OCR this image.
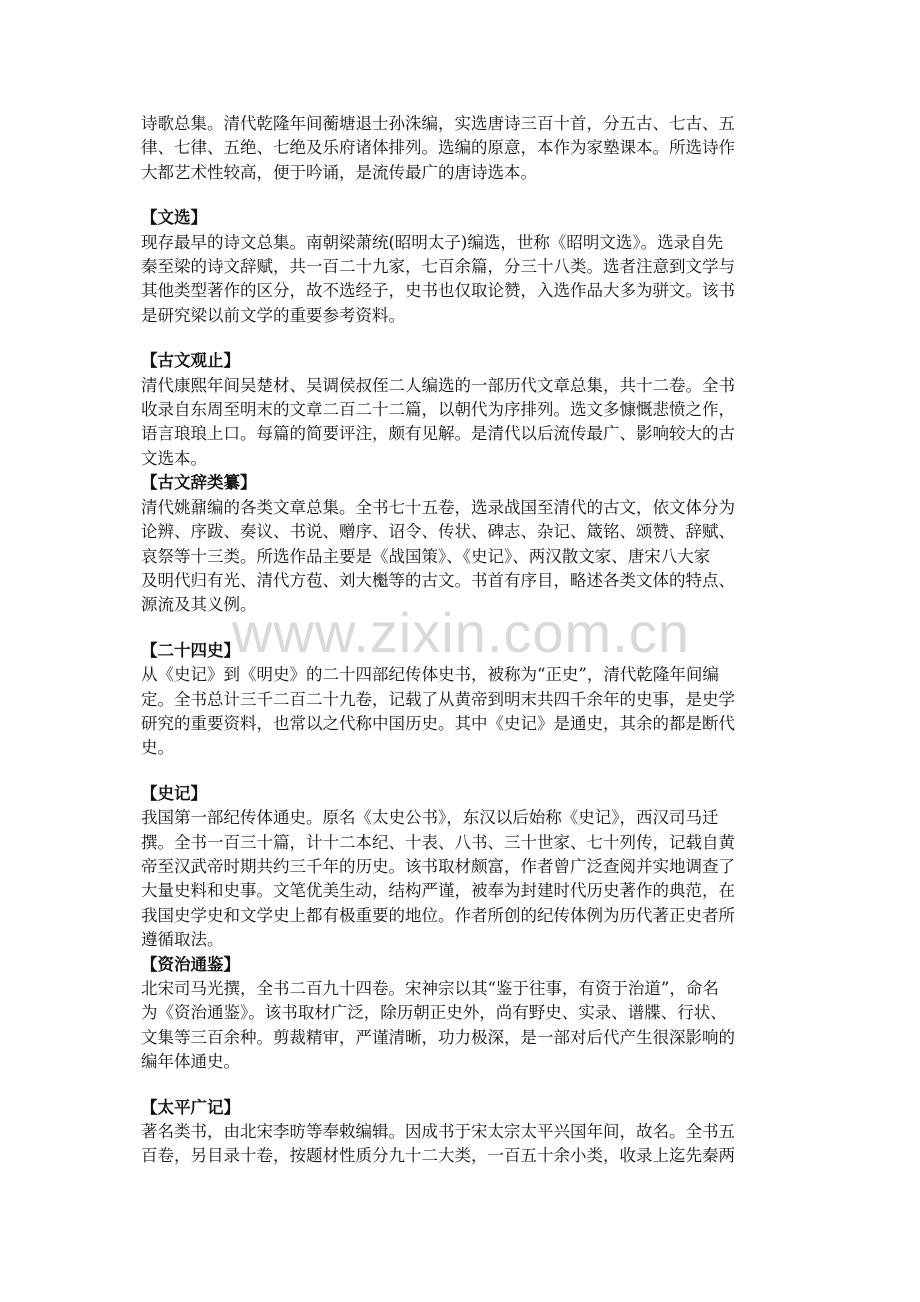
www.zixin.com.cn

诗歌总集。清代乾隆年间蘅塘退士孙洙编，实选唐诗三百十首，分五古、七古、五

律、七律、五绝、七绝及乐府诸体排列。选编的原意，本作为家塾课本。所选诗作

大都艺术性较高，便于吟诵，是流传最广的唐诗选本。

【文选】

现存最早的诗文总集。南朝梁萧统(昭明太子)编选，世称《昭明文选》。选录自先

秦至梁的诗文辞赋，共一百二十九家，七百余篇，分三十八类。选者注意到文学与

其他类型著作的区分，故不选经子，史书也仅取论赞，入选作品大多为骈文。该书

是研究梁以前文学的重要参考资料。

【古文观止】

清代康熙年间吴楚材、吴调侯叔侄二人编选的一部历代文章总集，共十二卷。全书

收录自东周至明末的文章二百二十二篇，以朝代为序排列。选文多慷慨悲愤之作，

语言琅琅上口。每篇的简要评注，颇有见解。是清代以后流传最广、影响较大的古

文选本。

【古文辞类纂】

清代姚鼐编的各类文章总集。全书七十五卷，选录战国至清代的古文，依文体分为

论辨、序跋、奏议、书说、赠序、诏令、传状、碑志、杂记、箴铭、颂赞、辞赋、

哀祭等十三类。所选作品主要是《战国策》、《史记》、两汉散文家、唐宋八大家

及明代归有光、清代方苞、刘大櫆等的古文。书首有序目，略述各类文体的特点、

源流及其义例。

【二十四史】

从《史记》到《明史》的二十四部纪传体史书，被称为“正史”，清代乾隆年间编

定。全书总计三千二百二十九卷，记载了从黄帝到明末共四千余年的史事，是史学

研究的重要资料，也常以之代称中国历史。其中《史记》是通史，其余的都是断代

史。

【史记】

我国第一部纪传体通史。原名《太史公书》，东汉以后始称《史记》，西汉司马迁

撰。全书一百三十篇，计十二本纪、十表、八书、三十世家、七十列传，记载自黄

帝至汉武帝时期共约三千年的历史。该书取材颇富，作者曾广泛查阅并实地调查了

大量史料和史事。文笔优美生动，结构严谨，被奉为封建时代历史著作的典范，在

我国史学史和文学史上都有极重要的地位。作者所创的纪传体例为历代著正史者所

遵循取法。

【资治通鉴】

北宋司马光撰，全书二百九十四卷。宋神宗以其“鉴于往事，有资于治道”，命名

为《资治通鉴》。该书取材广泛，除历朝正史外，尚有野史、实录、谱牒、行状、

文集等三百余种。剪裁精审，严谨清晰，功力极深，是一部对后代产生很深影响的

编年体通史。

【太平广记】

著名类书，由北宋李昉等奉敕编辑。因成书于宋太宗太平兴国年间，故名。全书五

百卷，另目录十卷，按题材性质分九十二大类，一百五十余小类，收录上迄先秦两
